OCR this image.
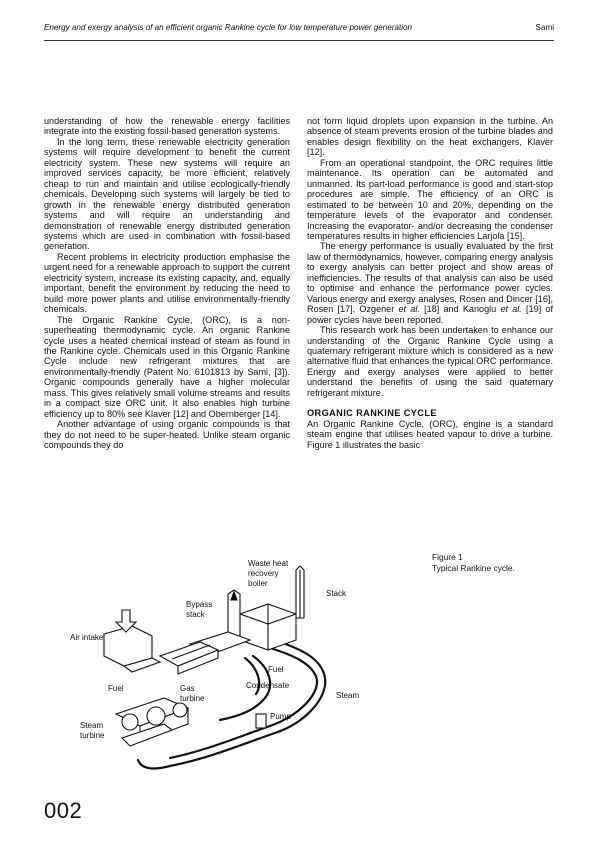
Energy and exergy analysis of an efficient organic Rankine cycle for low temperature power generation	Sami

understanding of how the renewable energy facilities integrate into the existing fossil-based generation systems.

In the long term, these renewable electricity generation systems will require development to benefit the current electricity system. These new systems will require an improved services capacity, be more efficient, relatively cheap to run and maintain and utilise ecologically-friendly chemicals. Developing such systems will largely be tied to growth in the renewable energy distributed generation systems and will require an understanding and demonstration of renewable energy distributed generation systems which are used in combination with fossil-based generation.

Recent problems in electricity production emphasise the urgent need for a renewable approach to support the current electricity system, increase its existing capacity, and, equally important, benefit the environment by reducing the need to build more power plants and utilise environmentally-friendly chemicals.

The Organic Rankine Cycle, (ORC), is a non-superheating thermodynamic cycle. An organic Rankine cycle uses a heated chemical instead of steam as found in the Rankine cycle. Chemicals used in this Organic Rankine Cycle include new refrigerant mixtures that are environmentally-friendly (Patent No. 6101813 by Sami, [3]). Organic compounds generally have a higher molecular mass. This gives relatively small volume streams and results in a compact size ORC unit. It also enables high turbine efficiency up to 80% see Klaver [12] and Obernberger [14].

Another advantage of using organic compounds is that they do not need to be super-heated. Unlike steam organic compounds they do

not form liquid droplets upon expansion in the turbine. An absence of steam prevents erosion of the turbine blades and enables design flexibility on the heat exchangers, Klaver [12].

From an operational standpoint, the ORC requires little maintenance. Its operation can be automated and unmanned. Its part-load performance is good and start-stop procedures are simple. The efficiency of an ORC is estimated to be between 10 and 20%, depending on the temperature levels of the evaporator and condenser. Increasing the evaporator- and/or decreasing the condenser temperatures results in higher efficiencies Larjola [15].

The energy performance is usually evaluated by the first law of thermodynamics, however, comparing energy analysis to exergy analysis can better project and show areas of inefficiencies. The results of that analysis can also be used to optimise and enhance the performance power cycles. Various energy and exergy analyses, Rosen and Dincer [16], Rosen [17], Ozgener et al. [18] and Kanoglu et al. [19] of power cycles have been reported.

This research work has been undertaken to enhance our understanding of the Organic Rankine Cycle using a quaternary refrigerant mixture which is considered as a new alternative fluid that enhances the typical ORC performance. Energy and exergy analyses were applied to better understand the benefits of using the said quaternary refrigerant mixture.

ORGANIC RANKINE CYCLE

An Organic Rankine Cycle, (ORC), engine is a standard steam engine that utilises heated vapour to drive a turbine. Figure 1 illustrates the basic

Waste heat
recovery
boiler
Stack
Bypass
stack
Air intake
Fuel
Condensate
Fuel	Gas
turbine	Steam
Pump
Steam
turbine
Figure 1
Typical Rankine cycle.
002
